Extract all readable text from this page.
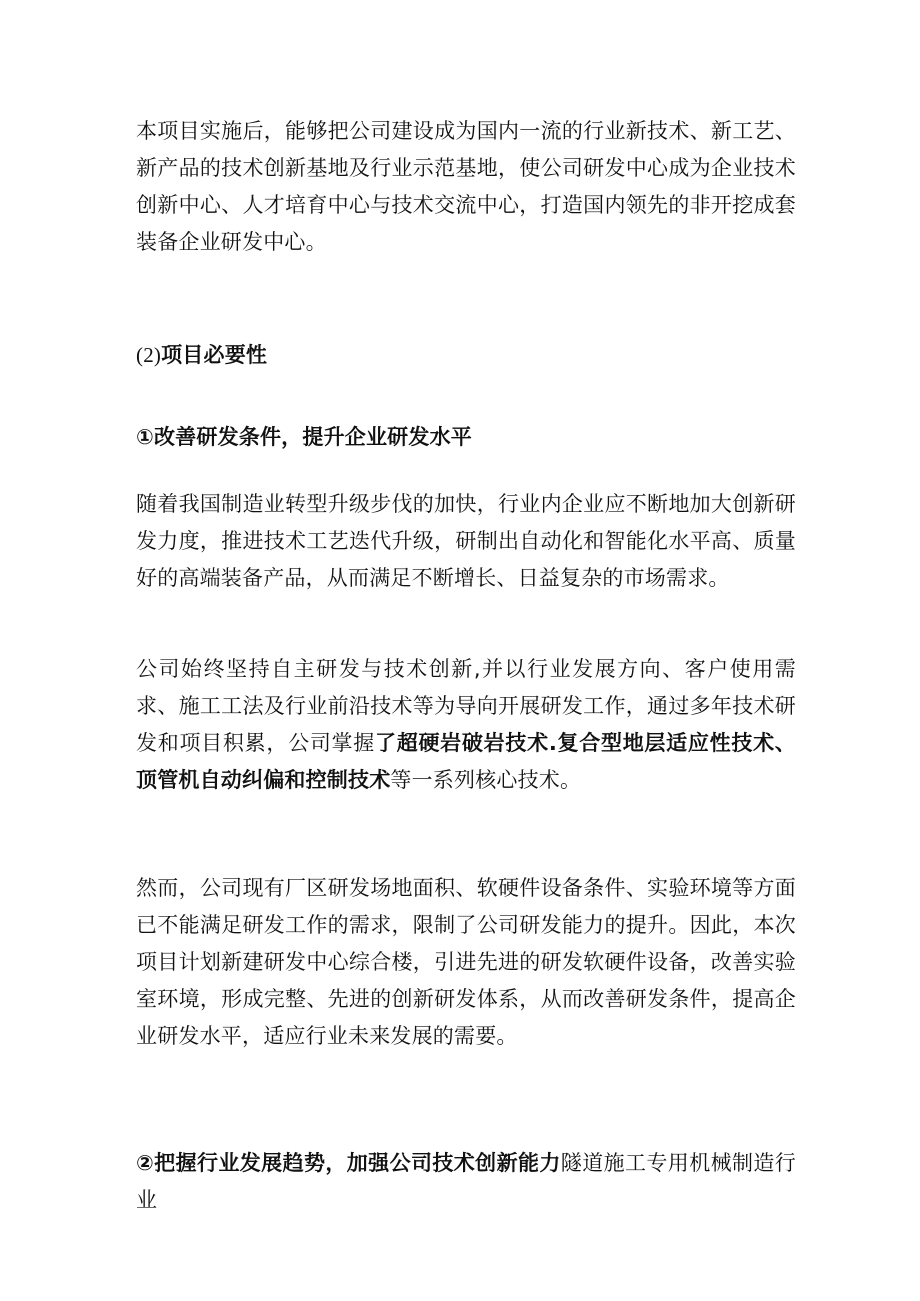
本项目实施后，能够把公司建设成为国内一流的行业新技术、新工艺、新产品的技术创新基地及行业示范基地，使公司研发中心成为企业技术创新中心、人才培育中心与技术交流中心，打造国内领先的非开挖成套装备企业研发中心。

(2)项目必要性

①改善研发条件，提升企业研发水平

随着我国制造业转型升级步伐的加快，行业内企业应不断地加大创新研发力度，推进技术工艺迭代升级，研制出自动化和智能化水平高、质量好的高端装备产品，从而满足不断增长、日益复杂的市场需求。

公司始终坚持自主研发与技术创新,并以行业发展方向、客户使用需求、施工工法及行业前沿技术等为导向开展研发工作，通过多年技术研发和项目积累，公司掌握了超硬岩破岩技术.复合型地层适应性技术、顶管机自动纠偏和控制技术等一系列核心技术。

然而，公司现有厂区研发场地面积、软硬件设备条件、实验环境等方面已不能满足研发工作的需求，限制了公司研发能力的提升。因此，本次项目计划新建研发中心综合楼，引进先进的研发软硬件设备，改善实验室环境，形成完整、先进的创新研发体系，从而改善研发条件，提高企业研发水平，适应行业未来发展的需要。

②把握行业发展趋势，加强公司技术创新能力隧道施工专用机械制造行业
